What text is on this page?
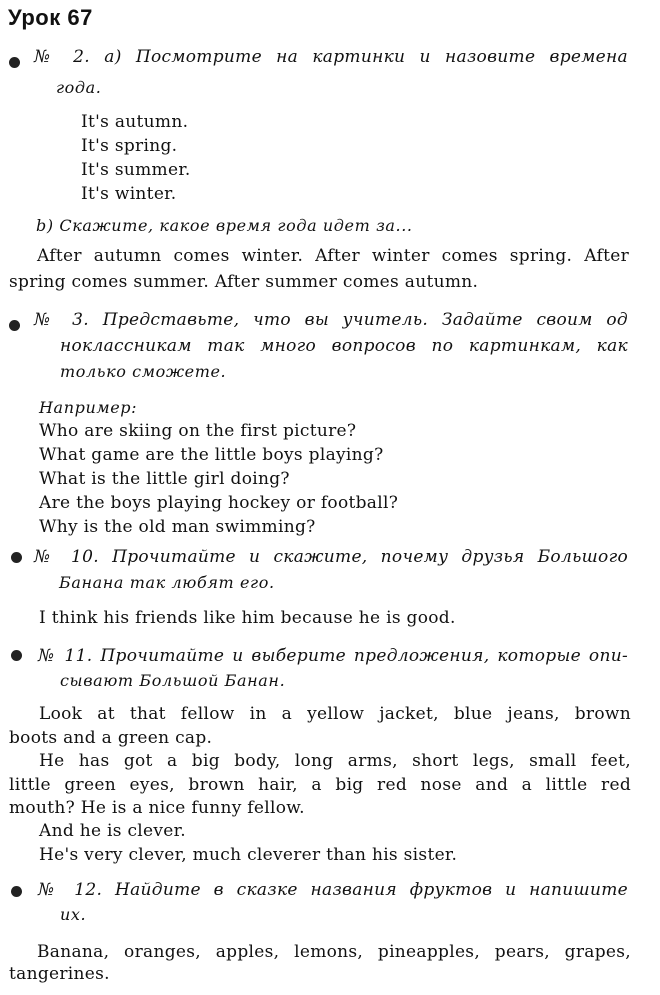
Урок 67
№ 2. а) Посмотрите на картинки и назовите времена
года.
It's autumn.
It's spring.
It's summer.
It's winter.
b) Скажите, какое время года идет за...
After autumn comes winter. After winter comes spring. After
spring comes summer. After summer comes autumn.
№ 3. Представьте, что вы учитель. Задайте своим од
ноклассникам так много вопросов по картинкам, как
только сможете.
Например:
Who are skiing on the first picture?
What game are the little boys playing?
What is the little girl doing?
Are the boys playing hockey or football?
Why is the old man swimming?
№ 10. Прочитайте и скажите, почему друзья Большого
Банана так любят его.
I think his friends like him because he is good.
№ 11. Прочитайте и выберите предложения, которые опи-
сывают Большой Банан.
Look at that fellow in a yellow jacket, blue jeans, brown
boots and a green cap.
He has got a big body, long arms, short legs, small feet,
little green eyes, brown hair, a big red nose and a little red
mouth? He is a nice funny fellow.
And he is clever.
He's very clever, much cleverer than his sister.
№ 12. Найдите в сказке названия фруктов и напишите
их.
Banana, oranges, apples, lemons, pineapples, pears, grapes,
tangerines.
